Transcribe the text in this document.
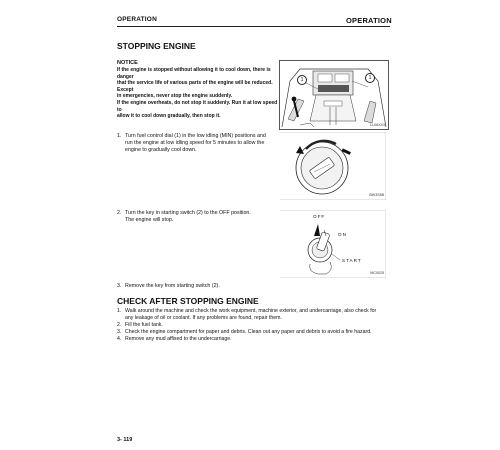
OPERATION	OPERATION
STOPPING ENGINE
NOTICE

If the engine is stopped without allowing it to cool down, there is danger

that the service life of various parts of the engine will be reduced. Except

in emergencies, never stop the engine suddenly.

If the engine overheats, do not stop it suddenly. Run it at low speed to

allow it to cool down gradually, then stop it.

1	1
LL06XX3
1. Turn fuel control dial (1) in the low idling (MIN) positions and
run the engine at low idling speed for 5 minutes to allow the
engine to gradually cool down.
BW3S5B
2. Turn the key in starting switch (2) to the OFF position.
The engine will stop.
OFF
ON
START
MC0025
3. Remove the key from starting switch (2).
CHECK AFTER STOPPING ENGINE
1. Walk around the machine and check the work equipment, machine exterior, and undercarriage, also check for
any leakage of oil or coolant. If any problems are found, repair them.
2. Fill the fuel tank.
3. Check the engine compartment for paper and debris. Clean out any paper and debris to avoid a fire hazard.
4. Remove any mud affixed to the undercarriage.
3- 119
